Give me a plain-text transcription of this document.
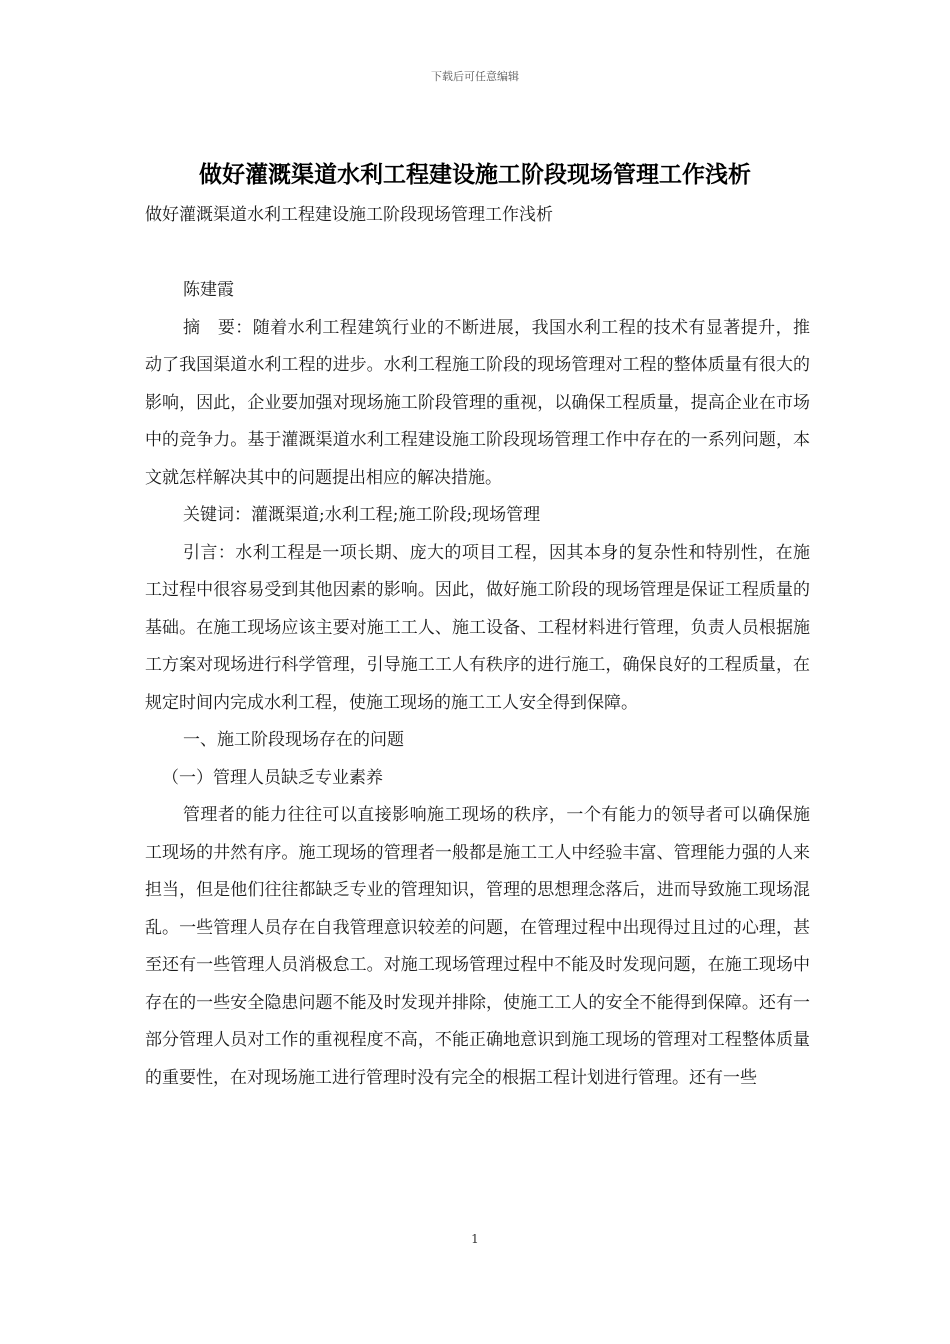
下载后可任意编辑
做好灌溉渠道水利工程建设施工阶段现场管理工作浅析

做好灌溉渠道水利工程建设施工阶段现场管理工作浅析

陈建霞

摘　要：随着水利工程建筑行业的不断进展，我国水利工程的技术有显著提升，推动了我国渠道水利工程的进步。水利工程施工阶段的现场管理对工程的整体质量有很大的影响，因此，企业要加强对现场施工阶段管理的重视，以确保工程质量，提高企业在市场中的竞争力。基于灌溉渠道水利工程建设施工阶段现场管理工作中存在的一系列问题，本文就怎样解决其中的问题提出相应的解决措施。

关键词：灌溉渠道;水利工程;施工阶段;现场管理

引言：水利工程是一项长期、庞大的项目工程，因其本身的复杂性和特别性，在施工过程中很容易受到其他因素的影响。因此，做好施工阶段的现场管理是保证工程质量的基础。在施工现场应该主要对施工工人、施工设备、工程材料进行管理，负责人员根据施工方案对现场进行科学管理，引导施工工人有秩序的进行施工，确保良好的工程质量，在规定时间内完成水利工程，使施工现场的施工工人安全得到保障。

一、施工阶段现场存在的问题

（一）管理人员缺乏专业素养

管理者的能力往往可以直接影响施工现场的秩序，一个有能力的领导者可以确保施工现场的井然有序。施工现场的管理者一般都是施工工人中经验丰富、管理能力强的人来担当，但是他们往往都缺乏专业的管理知识，管理的思想理念落后，进而导致施工现场混乱。一些管理人员存在自我管理意识较差的问题，在管理过程中出现得过且过的心理，甚至还有一些管理人员消极怠工。对施工现场管理过程中不能及时发现问题，在施工现场中存在的一些安全隐患问题不能及时发现并排除，使施工工人的安全不能得到保障。还有一部分管理人员对工作的重视程度不高，不能正确地意识到施工现场的管理对工程整体质量的重要性，在对现场施工进行管理时没有完全的根据工程计划进行管理。还有一些

1
